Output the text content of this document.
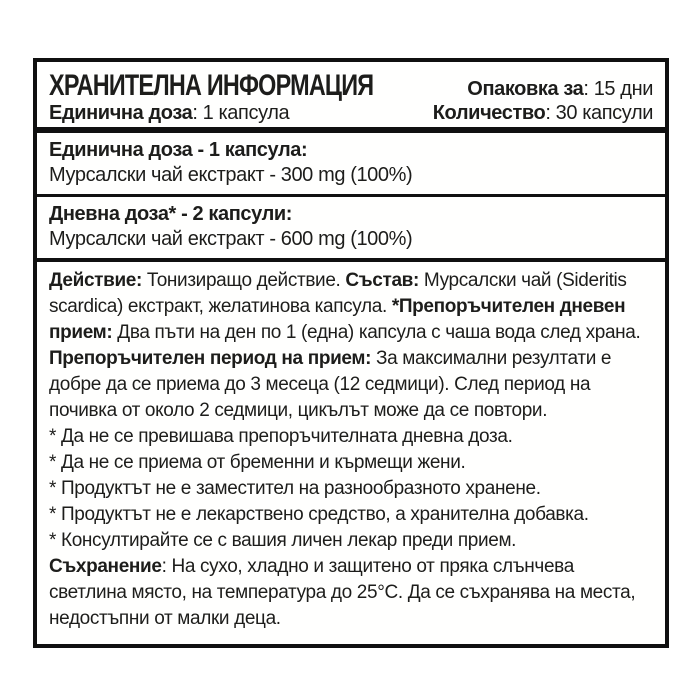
ХРАНИТЕЛНА ИНФОРМАЦИЯ	Опаковка за: 15 дни
Единична доза: 1 капсула	Количество: 30 капсули
Единична доза - 1 капсула:
Мурсалски чай екстракт - 300 mg (100%)
Дневна доза* - 2 капсули:
Мурсалски чай екстракт - 600 mg (100%)

Действие: Тонизиращо действие. Състав: Мурсалски чай (Sideritis scardica) екстракт, желатинова капсула. *Препоръчителен дневен прием: Два пъти на ден по 1 (една) капсула с чаша вода след храна.

Препоръчителен период на прием: За максимални резултати е добре да се приема до 3 месеца (12 седмици). След период на почивка от около 2 седмици, цикълът може да се повтори.

* Да не се превишава препоръчителната дневна доза.
* Да не се приема от бременни и кърмещи жени.
* Продуктът не е заместител на разнообразното хранене.
* Продуктът не е лекарствено средство, а хранителна добавка.
* Консултирайте се с вашия личен лекар преди прием.

Съхранение: На сухо, хладно и защитено от пряка слънчева светлина място, на температура до 25°C. Да се съхранява на места, недостъпни от малки деца.
